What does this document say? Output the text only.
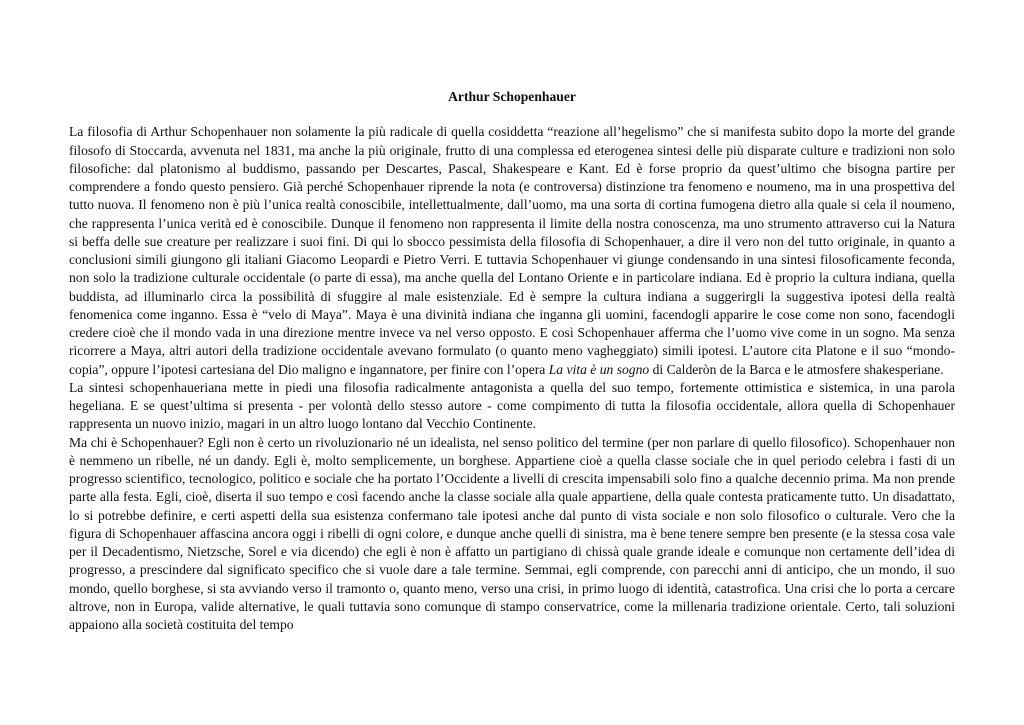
Arthur Schopenhauer

La filosofia di Arthur Schopenhauer non solamente la più radicale di quella cosiddetta “reazione all’hegelismo” che si manifesta subito dopo la morte del grande filosofo di Stoccarda, avvenuta nel 1831, ma anche la più originale, frutto di una complessa ed eterogenea sintesi delle più disparate culture e tradizioni non solo filosofiche: dal platonismo al buddismo, passando per Descartes, Pascal, Shakespeare e Kant. Ed è forse proprio da quest’ultimo che bisogna partire per comprendere a fondo questo pensiero. Già perché Schopenhauer riprende la nota (e controversa) distinzione tra fenomeno e noumeno, ma in una prospettiva del tutto nuova. Il fenomeno non è più l’unica realtà conoscibile, intellettualmente, dall’uomo, ma una sorta di cortina fumogena dietro alla quale si cela il noumeno, che rappresenta l’unica verità ed è conoscibile. Dunque il fenomeno non rappresenta il limite della nostra conoscenza, ma uno strumento attraverso cui la Natura si beffa delle sue creature per realizzare i suoi fini. Di qui lo sbocco pessimista della filosofia di Schopenhauer, a dire il vero non del tutto originale, in quanto a conclusioni simili giungono gli italiani Giacomo Leopardi e Pietro Verri. E tuttavia Schopenhauer vi giunge condensando in una sintesi filosoficamente feconda, non solo la tradizione culturale occidentale (o parte di essa), ma anche quella del Lontano Oriente e in particolare indiana. Ed è proprio la cultura indiana, quella buddista, ad illuminarlo circa la possibilità di sfuggire al male esistenziale. Ed è sempre la cultura indiana a suggerirgli la suggestiva ipotesi della realtà fenomenica come inganno. Essa è “velo di Maya”. Maya è una divinità indiana che inganna gli uomini, facendogli apparire le cose come non sono, facendogli credere cioè che il mondo vada in una direzione mentre invece va nel verso opposto. E così Schopenhauer afferma che l’uomo vive come in un sogno. Ma senza ricorrere a Maya, altri autori della tradizione occidentale avevano formulato (o quanto meno vagheggiato) simili ipotesi. L’autore cita Platone e il suo “mondo-copia”, oppure l’ipotesi cartesiana del Dio maligno e ingannatore, per finire con l’opera La vita è un sogno di Calderòn de la Barca e le atmosfere shakesperiane.

La sintesi schopenhaueriana mette in piedi una filosofia radicalmente antagonista a quella del suo tempo, fortemente ottimistica e sistemica, in una parola hegeliana. E se quest’ultima si presenta - per volontà dello stesso autore - come compimento di tutta la filosofia occidentale, allora quella di Schopenhauer rappresenta un nuovo inizio, magari in un altro luogo lontano dal Vecchio Continente.

Ma chi è Schopenhauer? Egli non è certo un rivoluzionario né un idealista, nel senso politico del termine (per non parlare di quello filosofico). Schopenhauer non è nemmeno un ribelle, né un dandy. Egli è, molto semplicemente, un borghese. Appartiene cioè a quella classe sociale che in quel periodo celebra i fasti di un progresso scientifico, tecnologico, politico e sociale che ha portato l’Occidente a livelli di crescita impensabili solo fino a qualche decennio prima. Ma non prende parte alla festa. Egli, cioè, diserta il suo tempo e così facendo anche la classe sociale alla quale appartiene, della quale contesta praticamente tutto. Un disadattato, lo si potrebbe definire, e certi aspetti della sua esistenza confermano tale ipotesi anche dal punto di vista sociale e non solo filosofico o culturale. Vero che la figura di Schopenhauer affascina ancora oggi i ribelli di ogni colore, e dunque anche quelli di sinistra, ma è bene tenere sempre ben presente (e la stessa cosa vale per il Decadentismo, Nietzsche, Sorel e via dicendo) che egli è non è affatto un partigiano di chissà quale grande ideale e comunque non certamente dell’idea di progresso, a prescindere dal significato specifico che si vuole dare a tale termine. Semmai, egli comprende, con parecchi anni di anticipo, che un mondo, il suo mondo, quello borghese, si sta avviando verso il tramonto o, quanto meno, verso una crisi, in primo luogo di identità, catastrofica. Una crisi che lo porta a cercare altrove, non in Europa, valide alternative, le quali tuttavia sono comunque di stampo conservatrice, come la millenaria tradizione orientale. Certo, tali soluzioni appaiono alla società costituita del tempo
